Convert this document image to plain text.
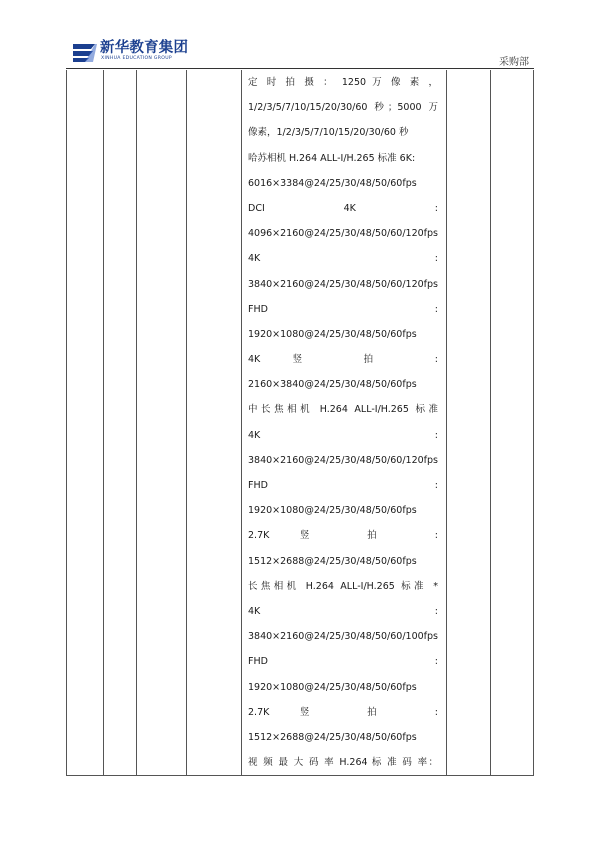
新华教育集团
XINHUA EDUCATION GROUP	采购部
定 时 拍 摄 ： 1250 万 像 素 ，
1/2/3/5/7/10/15/20/30/60 秒；5000 万
像素，1/2/3/5/7/10/15/20/30/60 秒
哈苏相机 H.264 ALL-I/H.265 标准 6K:
6016×3384@24/25/30/48/50/60fps
DCI 4K :
4096×2160@24/25/30/48/50/60/120fps
4K :
3840×2160@24/25/30/48/50/60/120fps
FHD :
1920×1080@24/25/30/48/50/60fps
4K 竖 拍 :
2160×3840@24/25/30/48/50/60fps
中长焦相机 H.264 ALL-I/H.265 标准
4K :
3840×2160@24/25/30/48/50/60/120fps
FHD :
1920×1080@24/25/30/48/50/60fps
2.7K 竖 拍 :
1512×2688@24/25/30/48/50/60fps
长焦相机 H.264 ALL-I/H.265 标准 *
4K :
3840×2160@24/25/30/48/50/60/100fps
FHD :
1920×1080@24/25/30/48/50/60fps
2.7K 竖 拍 :
1512×2688@24/25/30/48/50/60fps
视 频 最 大 码 率 H.264 标 准 码 率：
